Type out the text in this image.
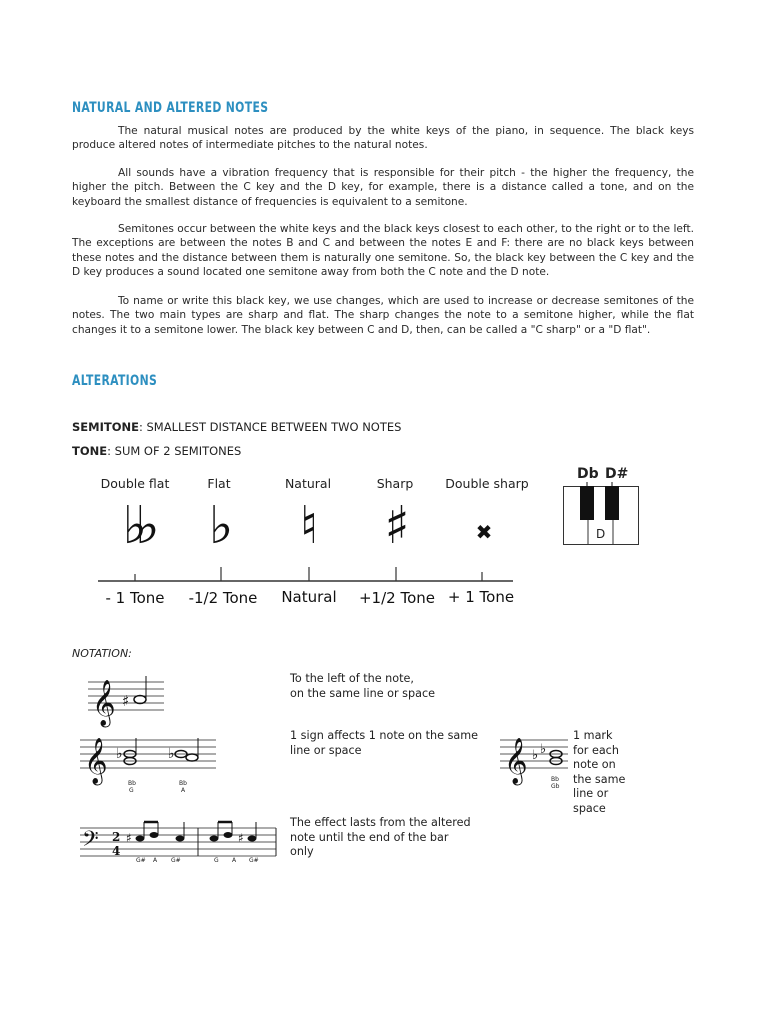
NATURAL AND ALTERED NOTES

The natural musical notes are produced by the white keys of the piano, in sequence. The black keys produce altered notes of intermediate pitches to the natural notes.

All sounds have a vibration frequency that is responsible for their pitch - the higher the frequency, the higher the pitch. Between the C key and the D key, for example, there is a distance called a tone, and on the keyboard the smallest distance of frequencies is equivalent to a semitone.

Semitones occur between the white keys and the black keys closest to each other, to the right or to the left. The exceptions are between the notes B and C and between the notes E and F: there are no black keys between these notes and the distance between them is naturally one semitone. So, the black key between the C key and the D key produces a sound located one semitone away from both the C note and the D note.

To name or write this black key, we use changes, which are used to increase or decrease semitones of the notes. The two main types are sharp and flat. The sharp changes the note to a semitone higher, while the flat changes it to a semitone lower. The black key between C and D, then, can be called a "C sharp" or a "D flat".

ALTERATIONS
SEMITONE: SMALLEST DISTANCE BETWEEN TWO NOTES
TONE: SUM OF 2 SEMITONES
Double flat	Flat	Natural	Sharp	Double sharp
♭♭	♭	♮	♯	✖
- 1 Tone	-1/2 Tone	Natural	+1/2 Tone + 1 Tone
Db D#
D
NOTATION:
𝄞 ♯
𝄞 ♭	♭
Bb
G
Bb
A
𝄢 2
4
♯	♯
G# A G#	G A G#
𝄞 ♭ ♭
Bb
Gb
To the left of the note,
on the same line or space
1 sign affects 1 note on the same
line or space
1 mark
for each
note on
the same
line or
space
The effect lasts from the altered
note until the end of the bar
only
